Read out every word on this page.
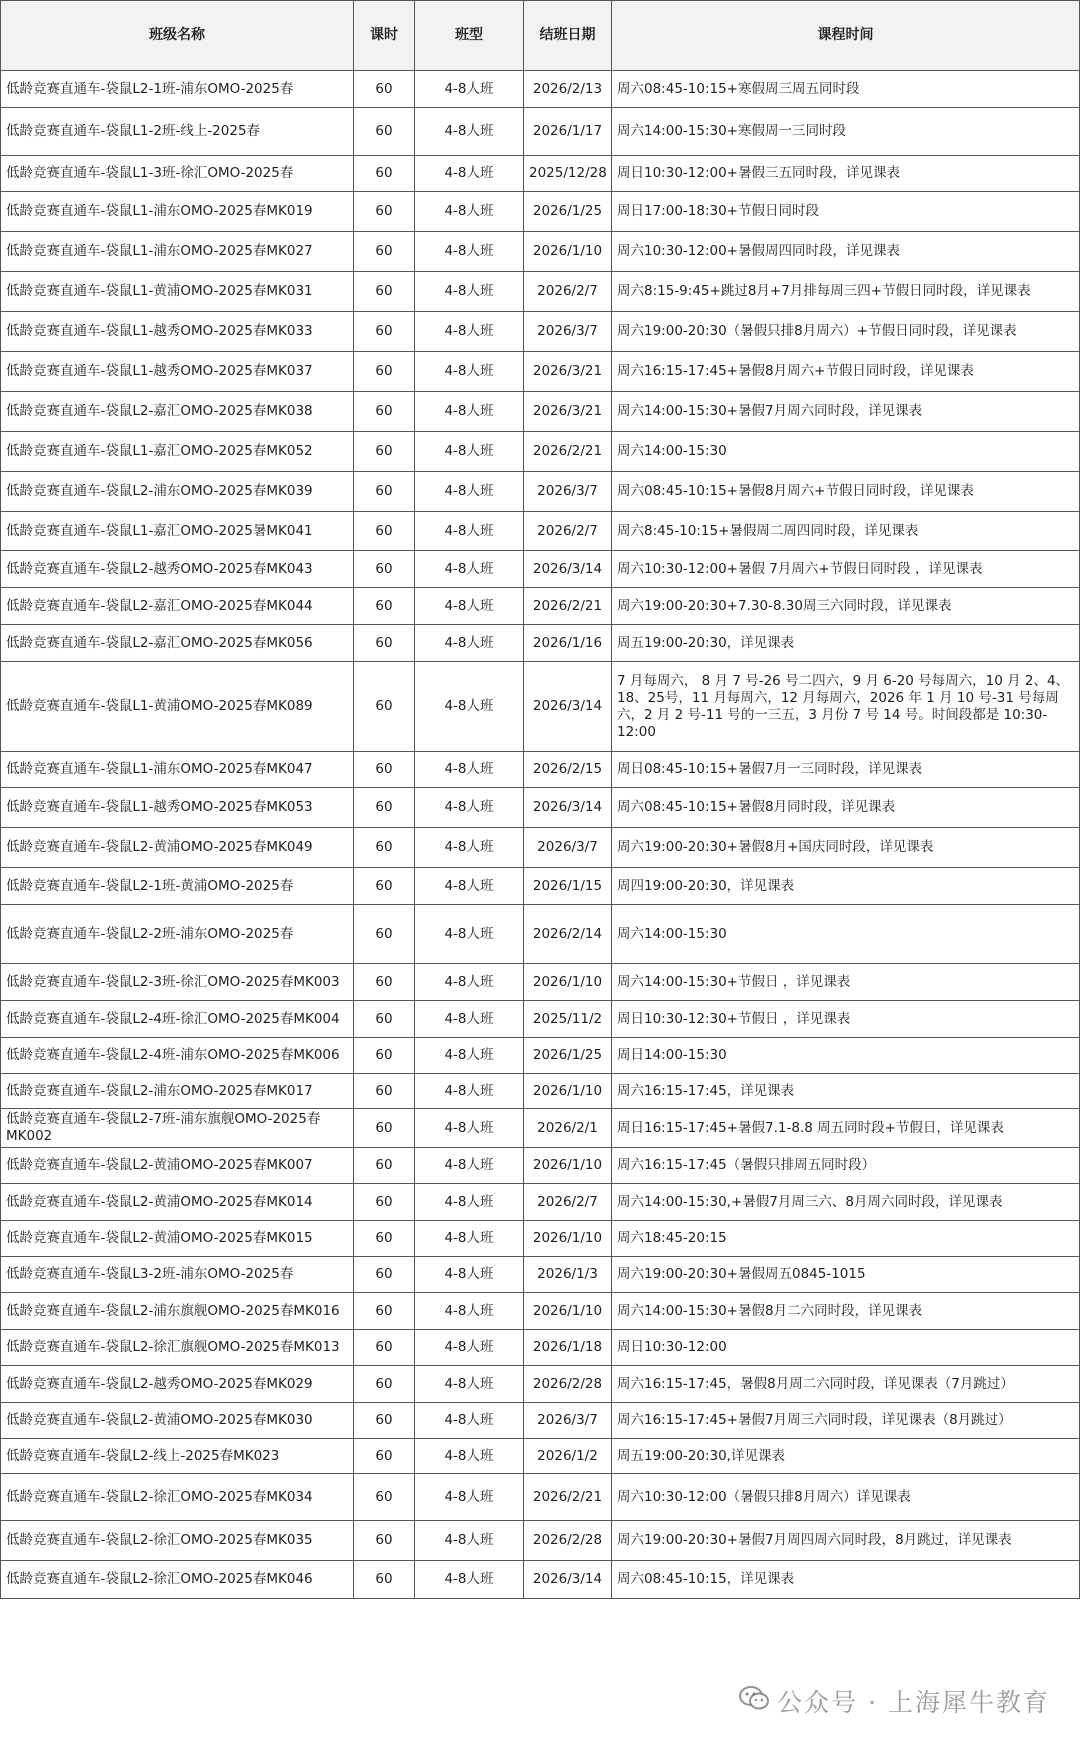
班级名称	课时	班型	结班日期	课程时间
低龄竞赛直通车-袋鼠L2-1班-浦东OMO-2025春	60	4-8人班	2026/2/13	周六08:45-10:15+寒假周三周五同时段
低龄竞赛直通车-袋鼠L1-2班-线上-2025春	60	4-8人班	2026/1/17	周六14:00-15:30+寒假周一三同时段
低龄竞赛直通车-袋鼠L1-3班-徐汇OMO-2025春	60	4-8人班	2025/12/28	周日10:30-12:00+暑假三五同时段，详见课表
低龄竞赛直通车-袋鼠L1-浦东OMO-2025春MK019	60	4-8人班	2026/1/25	周日17:00-18:30+节假日同时段
低龄竞赛直通车-袋鼠L1-浦东OMO-2025春MK027	60	4-8人班	2026/1/10	周六10:30-12:00+暑假周四同时段，详见课表
低龄竞赛直通车-袋鼠L1-黄浦OMO-2025春MK031	60	4-8人班	2026/2/7	周六8:15-9:45+跳过8月+7月排每周三四+节假日同时段，详见课表
低龄竞赛直通车-袋鼠L1-越秀OMO-2025春MK033	60	4-8人班	2026/3/7	周六19:00-20:30（暑假只排8月周六）+节假日同时段，详见课表
低龄竞赛直通车-袋鼠L1-越秀OMO-2025春MK037	60	4-8人班	2026/3/21	周六16:15-17:45+暑假8月周六+节假日同时段，详见课表
低龄竞赛直通车-袋鼠L2-嘉汇OMO-2025春MK038	60	4-8人班	2026/3/21	周六14:00-15:30+暑假7月周六同时段，详见课表
低龄竞赛直通车-袋鼠L1-嘉汇OMO-2025春MK052	60	4-8人班	2026/2/21	周六14:00-15:30
低龄竞赛直通车-袋鼠L2-浦东OMO-2025春MK039	60	4-8人班	2026/3/7	周六08:45-10:15+暑假8月周六+节假日同时段，详见课表
低龄竞赛直通车-袋鼠L1-嘉汇OMO-2025暑MK041	60	4-8人班	2026/2/7	周六8:45-10:15+暑假周二周四同时段，详见课表
低龄竞赛直通车-袋鼠L2-越秀OMO-2025春MK043	60	4-8人班	2026/3/14	周六10:30-12:00+暑假 7月周六+节假日同时段 ，详见课表
低龄竞赛直通车-袋鼠L2-嘉汇OMO-2025春MK044	60	4-8人班	2026/2/21	周六19:00-20:30+7.30-8.30周三六同时段，详见课表
低龄竞赛直通车-袋鼠L2-嘉汇OMO-2025春MK056	60	4-8人班	2026/1/16	周五19:00-20:30，详见课表
低龄竞赛直通车-袋鼠L1-黄浦OMO-2025春MK089	60	4-8人班	2026/3/14	7 月每周六， 8 月 7 号-26 号二四六，9 月 6-20 号每周六，10 月 2、4、18、25号，11 月每周六，12 月每周六，2026 年 1 月 10 号-31 号每周六，2 月 2 号-11 号的一三五，3 月份 7 号 14 号。时间段都是 10:30-12:00
低龄竞赛直通车-袋鼠L1-浦东OMO-2025春MK047	60	4-8人班	2026/2/15	周日08:45-10:15+暑假7月一三同时段，详见课表
低龄竞赛直通车-袋鼠L1-越秀OMO-2025春MK053	60	4-8人班	2026/3/14	周六08:45-10:15+暑假8月同时段，详见课表
低龄竞赛直通车-袋鼠L2-黄浦OMO-2025春MK049	60	4-8人班	2026/3/7	周六19:00-20:30+暑假8月+国庆同时段，详见课表
低龄竞赛直通车-袋鼠L2-1班-黄浦OMO-2025春	60	4-8人班	2026/1/15	周四19:00-20:30，详见课表
低龄竞赛直通车-袋鼠L2-2班-浦东OMO-2025春	60	4-8人班	2026/2/14	周六14:00-15:30
低龄竞赛直通车-袋鼠L2-3班-徐汇OMO-2025春MK003	60	4-8人班	2026/1/10	周六14:00-15:30+节假日 ，详见课表
低龄竞赛直通车-袋鼠L2-4班-徐汇OMO-2025春MK004	60	4-8人班	2025/11/2	周日10:30-12:30+节假日 ，详见课表
低龄竞赛直通车-袋鼠L2-4班-浦东OMO-2025春MK006	60	4-8人班	2026/1/25	周日14:00-15:30
低龄竞赛直通车-袋鼠L2-浦东OMO-2025春MK017	60	4-8人班	2026/1/10	周六16:15-17:45，详见课表
低龄竞赛直通车-袋鼠L2-7班-浦东旗舰OMO-2025春MK002	60	4-8人班	2026/2/1	周日16:15-17:45+暑假7.1-8.8 周五同时段+节假日，详见课表
低龄竞赛直通车-袋鼠L2-黄浦OMO-2025春MK007	60	4-8人班	2026/1/10	周六16:15-17:45（暑假只排周五同时段）
低龄竞赛直通车-袋鼠L2-黄浦OMO-2025春MK014	60	4-8人班	2026/2/7	周六14:00-15:30,+暑假7月周三六、8月周六同时段，详见课表
低龄竞赛直通车-袋鼠L2-黄浦OMO-2025春MK015	60	4-8人班	2026/1/10	周六18:45-20:15
低龄竞赛直通车-袋鼠L3-2班-浦东OMO-2025春	60	4-8人班	2026/1/3	周六19:00-20:30+暑假周五0845-1015
低龄竞赛直通车-袋鼠L2-浦东旗舰OMO-2025春MK016	60	4-8人班	2026/1/10	周六14:00-15:30+暑假8月二六同时段，详见课表
低龄竞赛直通车-袋鼠L2-徐汇旗舰OMO-2025春MK013	60	4-8人班	2026/1/18	周日10:30-12:00
低龄竞赛直通车-袋鼠L2-越秀OMO-2025春MK029	60	4-8人班	2026/2/28	周六16:15-17:45，暑假8月周二六同时段，详见课表（7月跳过）
低龄竞赛直通车-袋鼠L2-黄浦OMO-2025春MK030	60	4-8人班	2026/3/7	周六16:15-17:45+暑假7月周三六同时段，详见课表（8月跳过）
低龄竞赛直通车-袋鼠L2-线上-2025春MK023	60	4-8人班	2026/1/2	周五19:00-20:30,详见课表
低龄竞赛直通车-袋鼠L2-徐汇OMO-2025春MK034	60	4-8人班	2026/2/21	周六10:30-12:00（暑假只排8月周六）详见课表
低龄竞赛直通车-袋鼠L2-徐汇OMO-2025春MK035	60	4-8人班	2026/2/28	周六19:00-20:30+暑假7月周四周六同时段，8月跳过，详见课表
低龄竞赛直通车-袋鼠L2-徐汇OMO-2025春MK046	60	4-8人班	2026/3/14	周六08:45-10:15，详见课表
公众号 · 上海犀牛教育
